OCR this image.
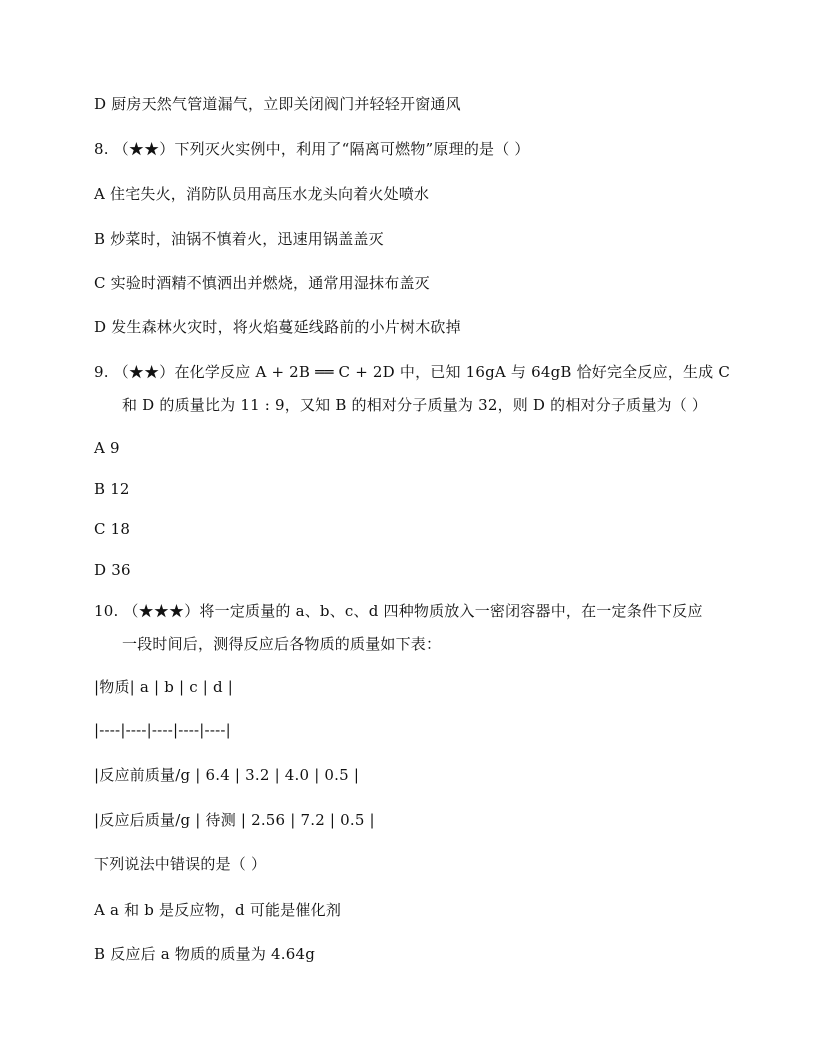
D 厨房天然气管道漏气，立即关闭阀门并轻轻开窗通风
8. （★★）下列灭火实例中，利用了“隔离可燃物”原理的是（ ）
A 住宅失火，消防队员用高压水龙头向着火处喷水
B 炒菜时，油锅不慎着火，迅速用锅盖盖灭
C 实验时酒精不慎洒出并燃烧，通常用湿抹布盖灭
D 发生森林火灾时，将火焰蔓延线路前的小片树木砍掉
9. （★★）在化学反应 A + 2B ══ C + 2D 中，已知 16gA 与 64gB 恰好完全反应，生成 C
和 D 的质量比为 11 : 9，又知 B 的相对分子质量为 32，则 D 的相对分子质量为（ ）
A 9
B 12
C 18
D 36
10. （★★★）将一定质量的 a、b、c、d 四种物质放入一密闭容器中，在一定条件下反应
一段时间后，测得反应后各物质的质量如下表：
|物质| a | b | c | d |
|----|----|----|----|----|
|反应前质量/g | 6.4 | 3.2 | 4.0 | 0.5 |
|反应后质量/g | 待测 | 2.56 | 7.2 | 0.5 |
下列说法中错误的是（ ）
A a 和 b 是反应物，d 可能是催化剂
B 反应后 a 物质的质量为 4.64g
